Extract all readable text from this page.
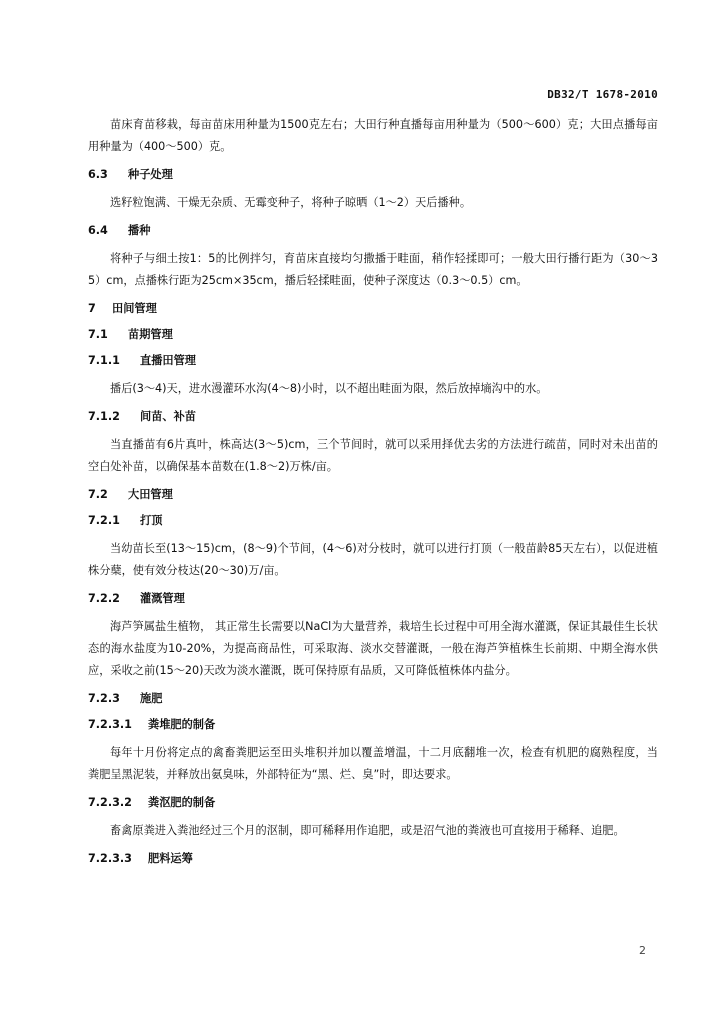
DB32/T 1678-2010

苗床育苗移栽，每亩苗床用种量为1500克左右；大田行种直播每亩用种量为（500～600）克；大田点播每亩用种量为（400～500）克。

6.3 种子处理

选籽粒饱满、干燥无杂质、无霉变种子，将种子晾晒（1～2）天后播种。

6.4 播种

将种子与细土按1：5的比例拌匀，育苗床直接均匀撒播于畦面，稍作轻揉即可；一般大田行播行距为（30～35）cm，点播株行距为25cm×35cm，播后轻揉畦面，使种子深度达（0.3～0.5）cm。

7 田间管理
7.1 苗期管理
7.1.1 直播田管理

播后(3～4)天，进水漫灌环水沟(4～8)小时，以不超出畦面为限，然后放掉墒沟中的水。

7.1.2 间苗、补苗

当直播苗有6片真叶，株高达(3～5)cm，三个节间时，就可以采用择优去劣的方法进行疏苗，同时对未出苗的空白处补苗，以确保基本苗数在(1.8～2)万株/亩。

7.2 大田管理
7.2.1 打顶

当幼苗长至(13～15)cm，(8～9)个节间，(4～6)对分枝时，就可以进行打顶（一般苗龄85天左右），以促进植株分蘖，使有效分枝达(20～30)万/亩。

7.2.2 灌溉管理

海芦笋属盐生植物， 其正常生长需要以NaCl为大量营养，栽培生长过程中可用全海水灌溉，保证其最佳生长状态的海水盐度为10-20%，为提高商品性，可采取海、淡水交替灌溉，一般在海芦笋植株生长前期、中期全海水供应，采收之前(15～20)天改为淡水灌溉，既可保持原有品质，又可降低植株体内盐分。

7.2.3 施肥
7.2.3.1 粪堆肥的制备

每年十月份将定点的禽畜粪肥运至田头堆积并加以覆盖增温，十二月底翻堆一次，检查有机肥的腐熟程度，当粪肥呈黑泥装，并释放出氨臭味，外部特征为“黑、烂、臭”时，即达要求。

7.2.3.2 粪沤肥的制备

畜禽原粪进入粪池经过三个月的沤制，即可稀释用作追肥，或是沼气池的粪液也可直接用于稀释、追肥。

7.2.3.3 肥料运筹
2
